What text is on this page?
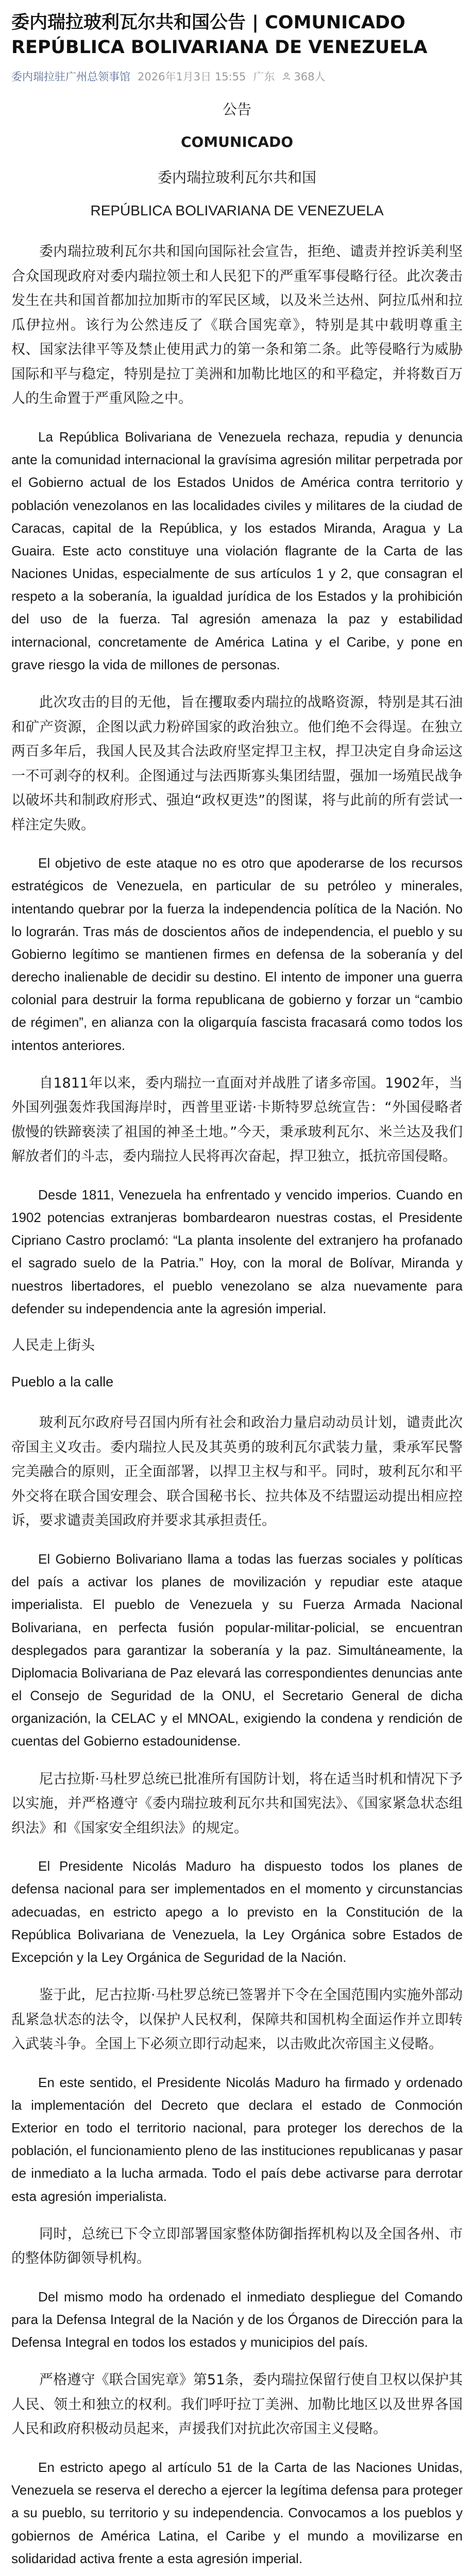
委内瑞拉玻利瓦尔共和国公告 | COMUNICADO REPÚBLICA BOLIVARIANA DE VENEZUELA
委内瑞拉驻广州总领事馆 2026年1月3日 15:55 广东 368人

公告

COMUNICADO

委内瑞拉玻利瓦尔共和国

REPÚBLICA BOLIVARIANA DE VENEZUELA

委内瑞拉玻利瓦尔共和国向国际社会宣告，拒绝、谴责并控诉美利坚合众国现政府对委内瑞拉领土和人民犯下的严重军事侵略行径。此次袭击发生在共和国首都加拉加斯市的军民区域，以及米兰达州、阿拉瓜州和拉瓜伊拉州。该行为公然违反了《联合国宪章》，特别是其中载明尊重主权、国家法律平等及禁止使用武力的第一条和第二条。此等侵略行为威胁国际和平与稳定，特别是拉丁美洲和加勒比地区的和平稳定，并将数百万人的生命置于严重风险之中。

La República Bolivariana de Venezuela rechaza, repudia y denuncia ante la comunidad internacional la gravísima agresión militar perpetrada por el Gobierno actual de los Estados Unidos de América contra territorio y población venezolanos en las localidades civiles y militares de la ciudad de Caracas, capital de la República, y los estados Miranda, Aragua y La Guaira. Este acto constituye una violación flagrante de la Carta de las Naciones Unidas, especialmente de sus artículos 1 y 2, que consagran el respeto a la soberanía, la igualdad jurídica de los Estados y la prohibición del uso de la fuerza. Tal agresión amenaza la paz y estabilidad internacional, concretamente de América Latina y el Caribe, y pone en grave riesgo la vida de millones de personas.

此次攻击的目的无他，旨在攫取委内瑞拉的战略资源，特别是其石油和矿产资源，企图以武力粉碎国家的政治独立。他们绝不会得逞。在独立两百多年后，我国人民及其合法政府坚定捍卫主权，捍卫决定自身命运这一不可剥夺的权利。企图通过与法西斯寡头集团结盟，强加一场殖民战争以破坏共和制政府形式、强迫“政权更迭”的图谋，将与此前的所有尝试一样注定失败。

El objetivo de este ataque no es otro que apoderarse de los recursos estratégicos de Venezuela, en particular de su petróleo y minerales, intentando quebrar por la fuerza la independencia política de la Nación. No lo lograrán. Tras más de doscientos años de independencia, el pueblo y su Gobierno legítimo se mantienen firmes en defensa de la soberanía y del derecho inalienable de decidir su destino. El intento de imponer una guerra colonial para destruir la forma republicana de gobierno y forzar un “cambio de régimen”, en alianza con la oligarquía fascista fracasará como todos los intentos anteriores.

自1811年以来，委内瑞拉一直面对并战胜了诸多帝国。1902年，当外国列强轰炸我国海岸时，西普里亚诺·卡斯特罗总统宣告：“外国侵略者傲慢的铁蹄亵渎了祖国的神圣土地。”今天，秉承玻利瓦尔、米兰达及我们解放者们的斗志，委内瑞拉人民将再次奋起，捍卫独立，抵抗帝国侵略。

Desde 1811, Venezuela ha enfrentado y vencido imperios. Cuando en 1902 potencias extranjeras bombardearon nuestras costas, el Presidente Cipriano Castro proclamó: “La planta insolente del extranjero ha profanado el sagrado suelo de la Patria.” Hoy, con la moral de Bolívar, Miranda y nuestros libertadores, el pueblo venezolano se alza nuevamente para defender su independencia ante la agresión imperial.

人民走上街头

Pueblo a la calle

玻利瓦尔政府号召国内所有社会和政治力量启动动员计划，谴责此次帝国主义攻击。委内瑞拉人民及其英勇的玻利瓦尔武装力量，秉承军民警完美融合的原则，正全面部署，以捍卫主权与和平。同时，玻利瓦尔和平外交将在联合国安理会、联合国秘书长、拉共体及不结盟运动提出相应控诉，要求谴责美国政府并要求其承担责任。

El Gobierno Bolivariano llama a todas las fuerzas sociales y políticas del país a activar los planes de movilización y repudiar este ataque imperialista. El pueblo de Venezuela y su Fuerza Armada Nacional Bolivariana, en perfecta fusión popular-militar-policial, se encuentran desplegados para garantizar la soberanía y la paz. Simultáneamente, la Diplomacia Bolivariana de Paz elevará las correspondientes denuncias ante el Consejo de Seguridad de la ONU, el Secretario General de dicha organización, la CELAC y el MNOAL, exigiendo la condena y rendición de cuentas del Gobierno estadounidense.

尼古拉斯·马杜罗总统已批准所有国防计划，将在适当时机和情况下予以实施，并严格遵守《委内瑞拉玻利瓦尔共和国宪法》、《国家紧急状态组织法》和《国家安全组织法》的规定。

El Presidente Nicolás Maduro ha dispuesto todos los planes de defensa nacional para ser implementados en el momento y circunstancias adecuadas, en estricto apego a lo previsto en la Constitución de la República Bolivariana de Venezuela, la Ley Orgánica sobre Estados de Excepción y la Ley Orgánica de Seguridad de la Nación.

鉴于此，尼古拉斯·马杜罗总统已签署并下令在全国范围内实施外部动乱紧急状态的法令，以保护人民权利，保障共和国机构全面运作并立即转入武装斗争。全国上下必须立即行动起来，以击败此次帝国主义侵略。

En este sentido, el Presidente Nicolás Maduro ha firmado y ordenado la implementación del Decreto que declara el estado de Conmoción Exterior en todo el territorio nacional, para proteger los derechos de la población, el funcionamiento pleno de las instituciones republicanas y pasar de inmediato a la lucha armada. Todo el país debe activarse para derrotar esta agresión imperialista.

同时，总统已下令立即部署国家整体防御指挥机构以及全国各州、市的整体防御领导机构。

Del mismo modo ha ordenado el inmediato despliegue del Comando para la Defensa Integral de la Nación y de los Órganos de Dirección para la Defensa Integral en todos los estados y municipios del país.

严格遵守《联合国宪章》第51条，委内瑞拉保留行使自卫权以保护其人民、领土和独立的权利。我们呼吁拉丁美洲、加勒比地区以及世界各国人民和政府积极动员起来，声援我们对抗此次帝国主义侵略。

En estricto apego al artículo 51 de la Carta de las Naciones Unidas, Venezuela se reserva el derecho a ejercer la legítima defensa para proteger a su pueblo, su territorio y su independencia. Convocamos a los pueblos y gobiernos de América Latina, el Caribe y el mundo a movilizarse en solidaridad activa frente a esta agresión imperial.
